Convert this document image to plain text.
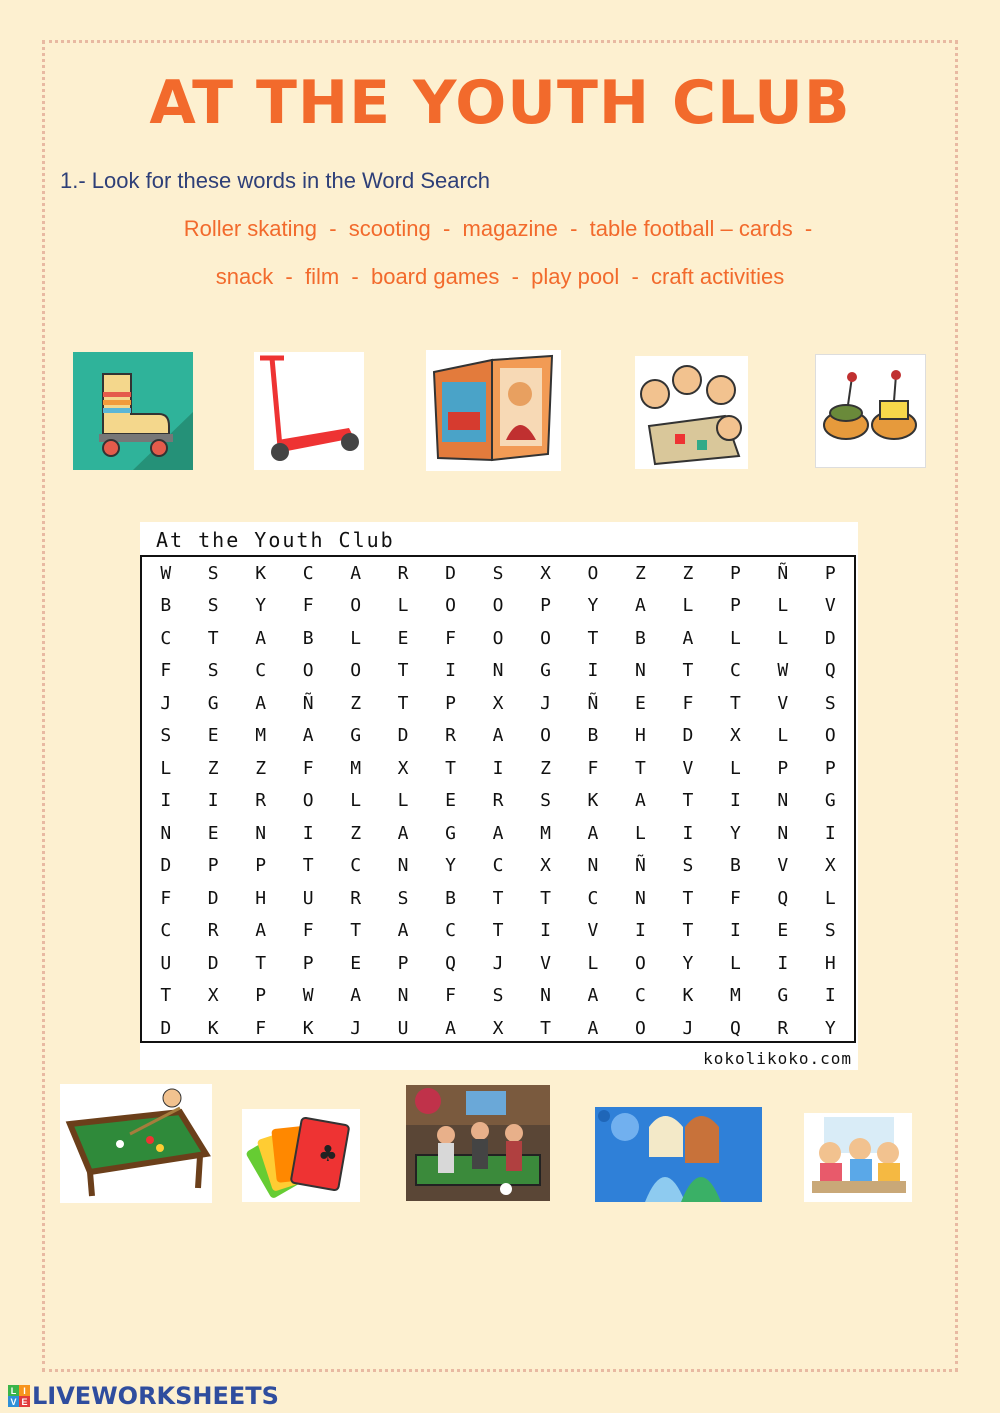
AT THE YOUTH CLUB
1.- Look for these words in the Word Search
Roller skating  -  scooting  -  magazine  -  table football – cards  -
snack  -  film  -  board games  -  play pool  -  craft activities
At the Youth Club
W	S	K	C	A	R	D	S	X	O	Z	Z	P	Ñ	P
B	S	Y	F	O	L	O	O	P	Y	A	L	P	L	V
C	T	A	B	L	E	F	O	O	T	B	A	L	L	D
F	S	C	O	O	T	I	N	G	I	N	T	C	W	Q
J	G	A	Ñ	Z	T	P	X	J	Ñ	E	F	T	V	S
S	E	M	A	G	D	R	A	O	B	H	D	X	L	O
L	Z	Z	F	M	X	T	I	Z	F	T	V	L	P	P
I	I	R	O	L	L	E	R	S	K	A	T	I	N	G
N	E	N	I	Z	A	G	A	M	A	L	I	Y	N	I
D	P	P	T	C	N	Y	C	X	N	Ñ	S	B	V	X
F	D	H	U	R	S	B	T	T	C	N	T	F	Q	L
C	R	A	F	T	A	C	T	I	V	I	T	I	E	S
U	D	T	P	E	P	Q	J	V	L	O	Y	L	I	H
T	X	P	W	A	N	F	S	N	A	C	K	M	G	I
D	K	F	K	J	U	A	X	T	A	O	J	Q	R	Y
kokolikoko.com
♣
L I
V E LIVEWORKSHEETS
